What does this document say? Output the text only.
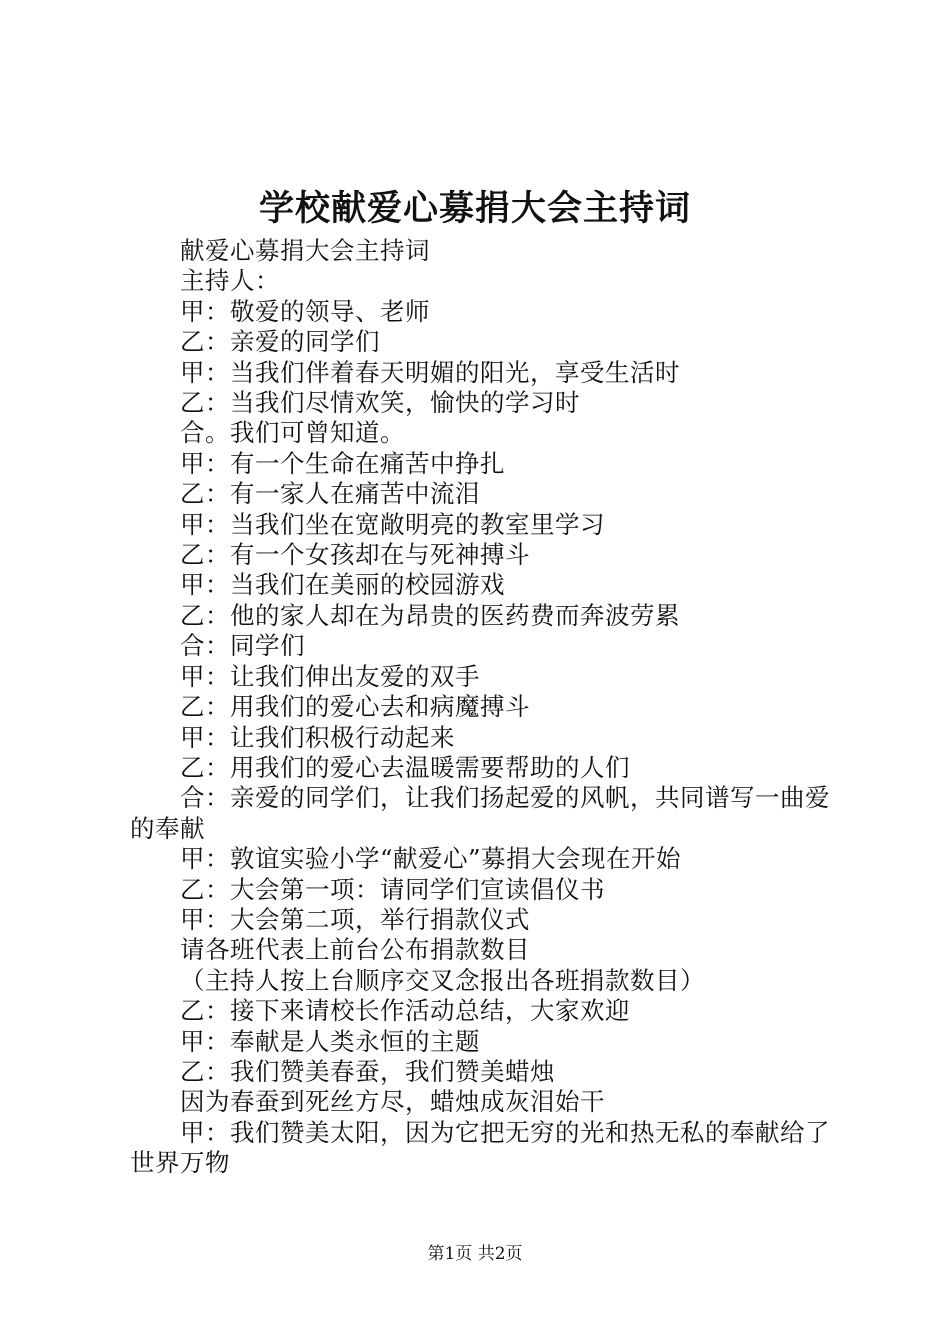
学校献爱心募捐大会主持词

献爱心募捐大会主持词

主持人：

甲：敬爱的领导、老师

乙：亲爱的同学们

甲：当我们伴着春天明媚的阳光，享受生活时

乙：当我们尽情欢笑，愉快的学习时

合。我们可曾知道。

甲：有一个生命在痛苦中挣扎

乙：有一家人在痛苦中流泪

甲：当我们坐在宽敞明亮的教室里学习

乙：有一个女孩却在与死神搏斗

甲：当我们在美丽的校园游戏

乙：他的家人却在为昂贵的医药费而奔波劳累

合：同学们

甲：让我们伸出友爱的双手

乙：用我们的爱心去和病魔搏斗

甲：让我们积极行动起来

乙：用我们的爱心去温暖需要帮助的人们

合：亲爱的同学们，让我们扬起爱的风帆，共同谱写一曲爱的奉献

甲：敦谊实验小学“献爱心”募捐大会现在开始

乙：大会第一项：请同学们宣读倡仪书

甲：大会第二项，举行捐款仪式

请各班代表上前台公布捐款数目

（主持人按上台顺序交叉念报出各班捐款数目）

乙：接下来请校长作活动总结，大家欢迎

甲：奉献是人类永恒的主题

乙：我们赞美春蚕，我们赞美蜡烛

因为春蚕到死丝方尽，蜡烛成灰泪始干

甲：我们赞美太阳，因为它把无穷的光和热无私的奉献给了世界万物

第1页 共2页
